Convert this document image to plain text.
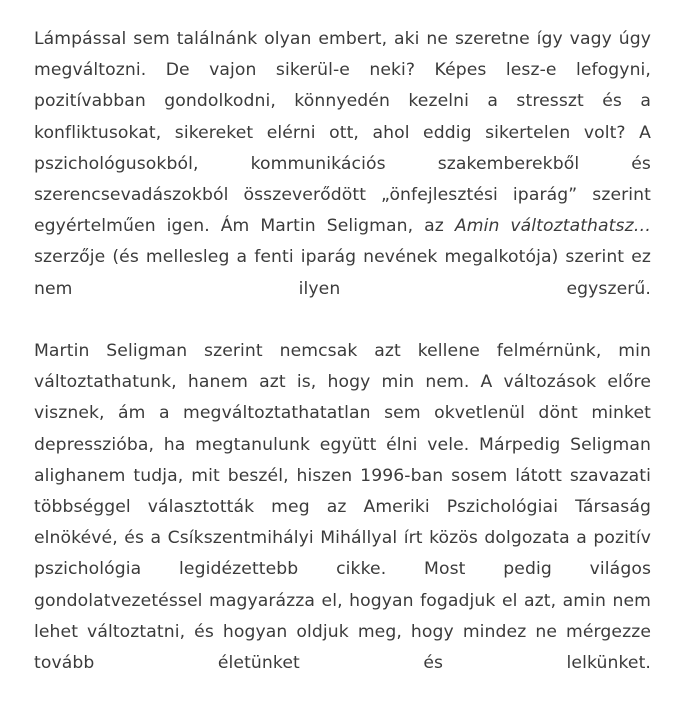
Lámpással sem találnánk olyan embert, aki ne szeretne így vagy úgy megváltozni. De vajon sikerül-e neki? Képes lesz-e lefogyni, pozitívabban gondolkodni, könnyedén kezelni a stresszt és a konfliktusokat, sikereket elérni ott, ahol eddig sikertelen volt? A pszichológusokból, kommunikációs szakemberekből és szerencsevadászokból összeverődött „önfejlesztési iparág” szerint egyértelműen igen. Ám Martin Seligman, az Amin változtathatsz… szerzője (és mellesleg a fenti iparág nevének megalkotója) szerint ez nem ilyen egyszerű.

Martin Seligman szerint nemcsak azt kellene felmérnünk, min változtathatunk, hanem azt is, hogy min nem. A változások előre visznek, ám a megváltoztathatatlan sem okvetlenül dönt minket depresszióba, ha megtanulunk együtt élni vele. Márpedig Seligman alighanem tudja, mit beszél, hiszen 1996-ban sosem látott szavazati többséggel választották meg az Ameriki Pszichológiai Társaság elnökévé, és a Csíkszentmihályi Mihállyal írt közös dolgozata a pozitív pszichológia legidézettebb cikke. Most pedig világos gondolatvezetéssel magyarázza el, hogyan fogadjuk el azt, amin nem lehet változtatni, és hogyan oldjuk meg, hogy mindez ne mérgezze tovább életünket és lelkünket.
